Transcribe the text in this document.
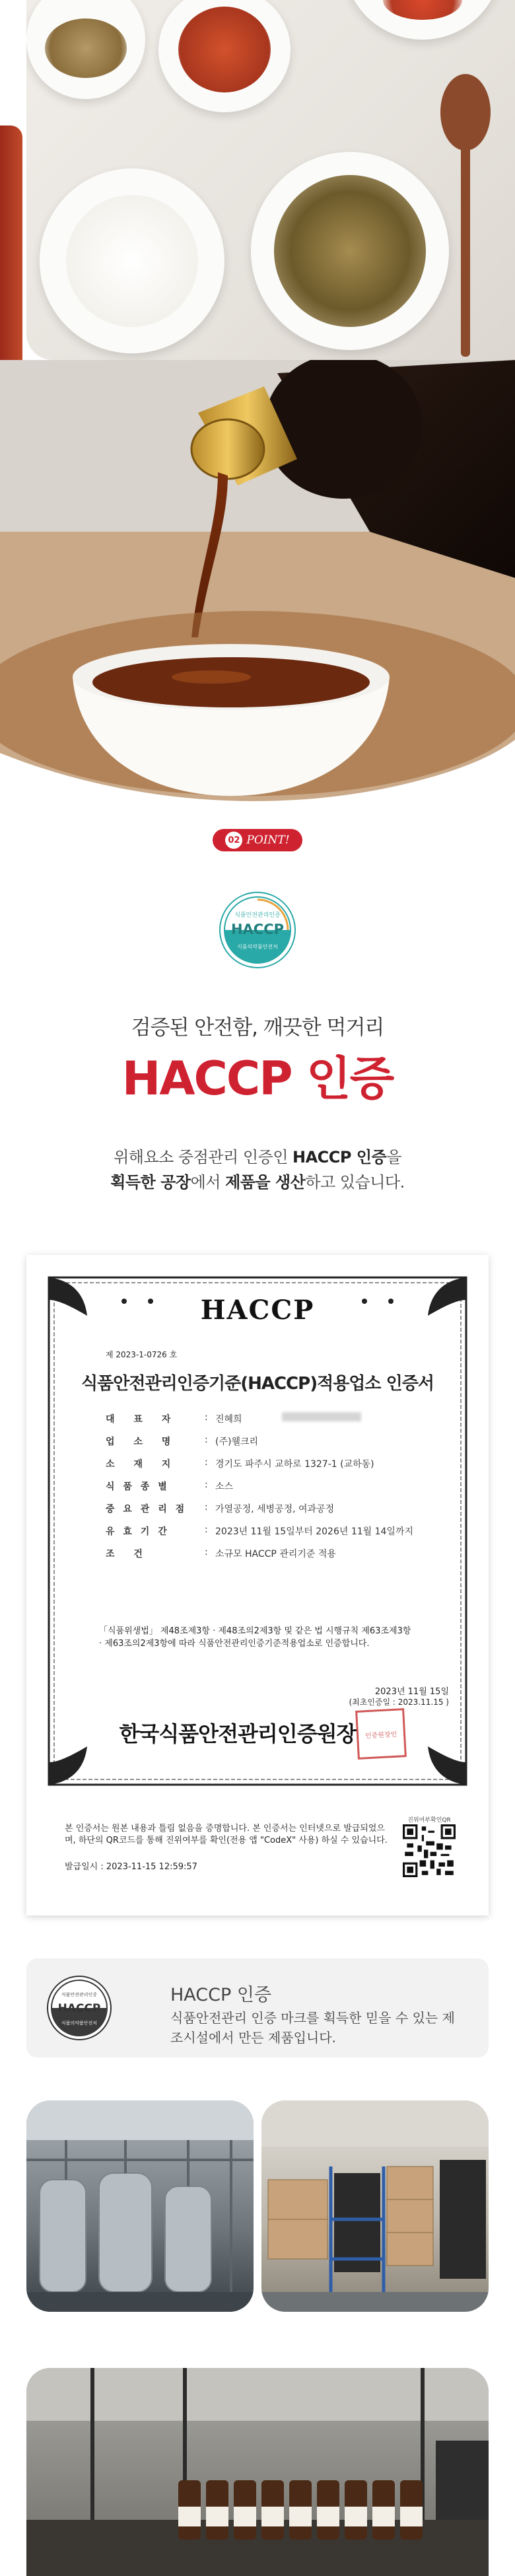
02 POINT!
식품안전관리인증
HACCP
식품의약품안전처
검증된 안전함, 깨끗한 먹거리
HACCP 인증
위해요소 중점관리 인증인 HACCP 인증을
획득한 공장에서 제품을 생산하고 있습니다.
HACCP
제 2023-1-0726 호
식품안전관리인증기준(HACCP)적용업소 인증서
대 표 자	: 진혜희
업 소 명	: (주)웰크리
소 재 지	: 경기도 파주시 교하로 1327-1 (교하동)
식 품 종 별	: 소스
중 요 관 리 점	: 가열공정, 세병공정, 여과공정
유 효 기 간	: 2023년 11월 15일부터 2026년 11월 14일까지
조 건	: 소규모 HACCP 관리기준 적용
「식품위생법」 제48조제3항 · 제48조의2제3항 및 같은 법 시행규칙 제63조제3항 · 제63조의2제3항에 따라 식품안전관리인증기준적용업소로 인증합니다.
2023년 11월 15일
(최초인증일 : 2023.11.15 )
한국식품안전관리인증원장	인증원장인
본 인증서는 원본 내용과 틀림 없음을 증명합니다. 본 인증서는 인터넷으로 발급되었으며, 하단의 QR코드를 통해 진위여부를 확인(전용 앱 "CodeX" 사용) 하실 수 있습니다.
발급일시 : 2023-11-15 12:59:57
진위여부확인QR
식품안전관리인증
HACCP
식품의약품안전처
HACCP 인증
식품안전관리 인증 마크를 획득한 믿을 수 있는 제조시설에서 만든 제품입니다.
